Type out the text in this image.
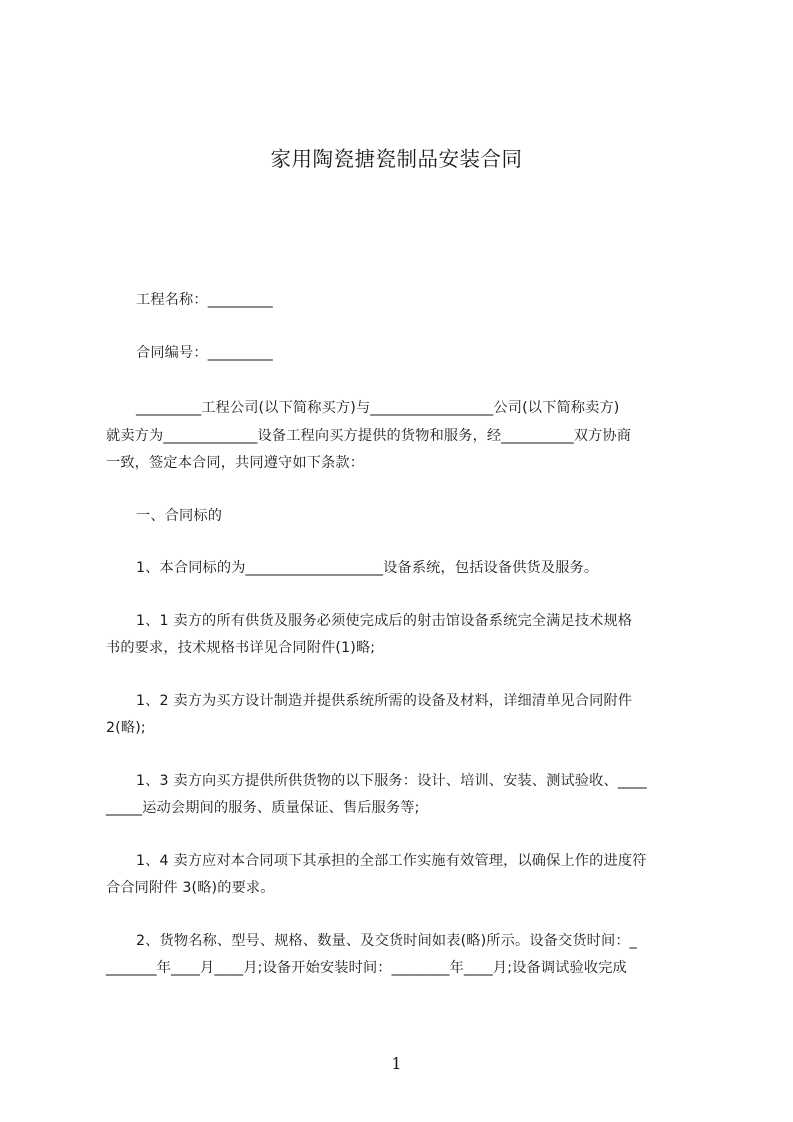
家用陶瓷搪瓷制品安装合同
工程名称：_________
合同编号：_________
_________工程公司(以下简称买方)与_________________公司(以下简称卖方)
就卖方为_____________设备工程向买方提供的货物和服务，经__________双方协商
一致，签定本合同，共同遵守如下条款：
一、合同标的
1、本合同标的为___________________设备系统，包括设备供货及服务。
1、1 卖方的所有供货及服务必须使完成后的射击馆设备系统完全满足技术规格
书的要求，技术规格书详见合同附件(1)略;
1、2 卖方为买方设计制造并提供系统所需的设备及材料，详细清单见合同附件
2(略);
1、3 卖方向买方提供所供货物的以下服务：设计、培训、安装、测试验收、____
_____运动会期间的服务、质量保证、售后服务等;
1、4 卖方应对本合同项下其承担的全部工作实施有效管理，以确保上作的进度符
合合同附件 3(略)的要求。
2、货物名称、型号、规格、数量、及交货时间如表(略)所示。设备交货时间：_
_______年____月____月;设备开始安装时间：________年____月;设备调试验收完成
1
